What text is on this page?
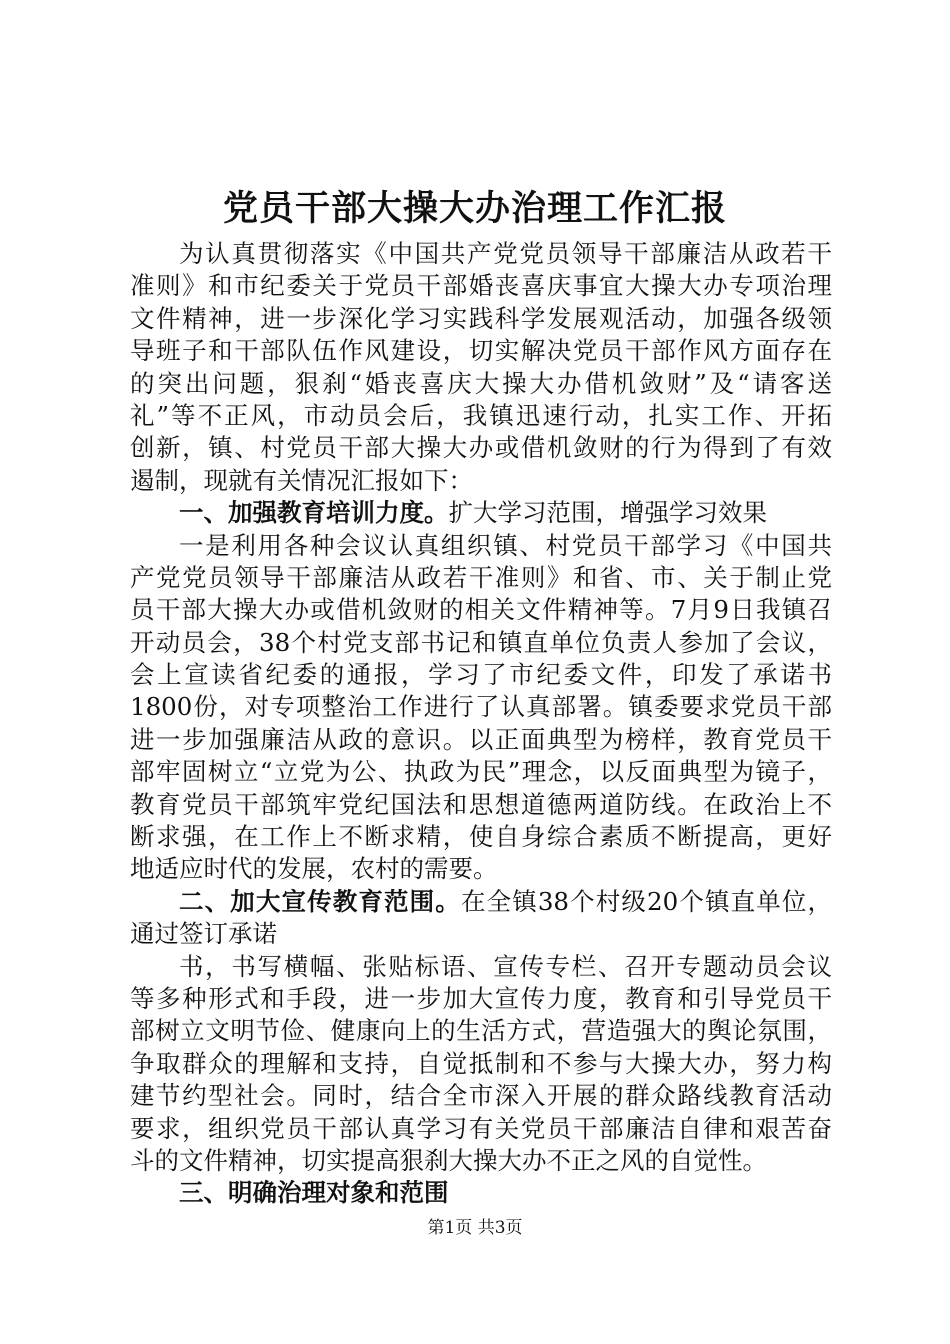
党员干部大操大办治理工作汇报
为认真贯彻落实《中国共产党党员领导干部廉洁从政若干
准则》和市纪委关于党员干部婚丧喜庆事宜大操大办专项治理
文件精神，进一步深化学习实践科学发展观活动，加强各级领
导班子和干部队伍作风建设，切实解决党员干部作风方面存在
的突出问题，狠刹“婚丧喜庆大操大办借机敛财”及“请客送
礼”等不正风，市动员会后，我镇迅速行动，扎实工作、开拓
创新，镇、村党员干部大操大办或借机敛财的行为得到了有效
遏制，现就有关情况汇报如下：
一、加强教育培训力度。扩大学习范围，增强学习效果
一是利用各种会议认真组织镇、村党员干部学习《中国共
产党党员领导干部廉洁从政若干准则》和省、市、关于制止党
员干部大操大办或借机敛财的相关文件精神等。7月9日我镇召
开动员会，38个村党支部书记和镇直单位负责人参加了会议，
会上宣读省纪委的通报，学习了市纪委文件，印发了承诺书
1800份，对专项整治工作进行了认真部署。镇委要求党员干部
进一步加强廉洁从政的意识。以正面典型为榜样，教育党员干
部牢固树立“立党为公、执政为民”理念，以反面典型为镜子，
教育党员干部筑牢党纪国法和思想道德两道防线。在政治上不
断求强，在工作上不断求精，使自身综合素质不断提高，更好
地适应时代的发展，农村的需要。
二、加大宣传教育范围。在全镇38个村级20个镇直单位，
通过签订承诺
书，书写横幅、张贴标语、宣传专栏、召开专题动员会议
等多种形式和手段，进一步加大宣传力度，教育和引导党员干
部树立文明节俭、健康向上的生活方式，营造强大的舆论氛围，
争取群众的理解和支持，自觉抵制和不参与大操大办，努力构
建节约型社会。同时，结合全市深入开展的群众路线教育活动
要求，组织党员干部认真学习有关党员干部廉洁自律和艰苦奋
斗的文件精神，切实提高狠刹大操大办不正之风的自觉性。
三、明确治理对象和范围
第1页 共3页
